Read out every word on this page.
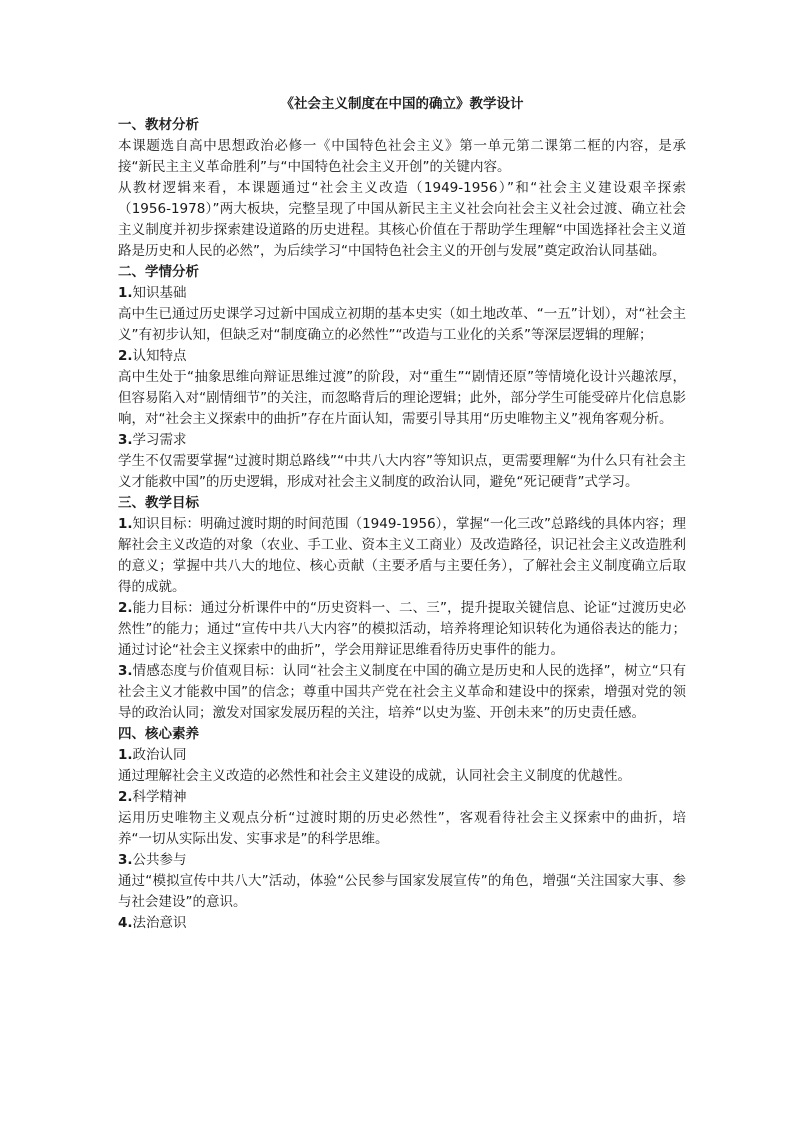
《社会主义制度在中国的确立》教学设计

一、教材分析

本课题选自高中思想政治必修一《中国特色社会主义》第一单元第二课第二框的内容，是承接“新民主主义革命胜利”与“中国特色社会主义开创”的关键内容。

从教材逻辑来看，本课题通过“社会主义改造（1949-1956）”和“社会主义建设艰辛探索（1956-1978）”两大板块，完整呈现了中国从新民主主义社会向社会主义社会过渡、确立社会主义制度并初步探索建设道路的历史进程。其核心价值在于帮助学生理解“中国选择社会主义道路是历史和人民的必然”，为后续学习“中国特色社会主义的开创与发展”奠定政治认同基础。

二、学情分析

1.知识基础

高中生已通过历史课学习过新中国成立初期的基本史实（如土地改革、“一五”计划），对“社会主义”有初步认知，但缺乏对“制度确立的必然性”“改造与工业化的关系”等深层逻辑的理解；

2.认知特点

高中生处于“抽象思维向辩证思维过渡”的阶段，对“重生”“剧情还原”等情境化设计兴趣浓厚，但容易陷入对“剧情细节”的关注，而忽略背后的理论逻辑；此外，部分学生可能受碎片化信息影响，对“社会主义探索中的曲折”存在片面认知，需要引导其用“历史唯物主义”视角客观分析。

3.学习需求

学生不仅需要掌握“过渡时期总路线”“中共八大内容”等知识点，更需要理解“为什么只有社会主义才能救中国”的历史逻辑，形成对社会主义制度的政治认同，避免“死记硬背”式学习。

三、教学目标

1.知识目标：明确过渡时期的时间范围（1949-1956），掌握“一化三改”总路线的具体内容；理解社会主义改造的对象（农业、手工业、资本主义工商业）及改造路径，识记社会主义改造胜利的意义；掌握中共八大的地位、核心贡献（主要矛盾与主要任务），了解社会主义制度确立后取得的成就。

2.能力目标：通过分析课件中的“历史资料一、二、三”，提升提取关键信息、论证“过渡历史必然性”的能力；通过“宣传中共八大内容”的模拟活动，培养将理论知识转化为通俗表达的能力；通过讨论“社会主义探索中的曲折”，学会用辩证思维看待历史事件的能力。

3.情感态度与价值观目标：认同“社会主义制度在中国的确立是历史和人民的选择”，树立“只有社会主义才能救中国”的信念；尊重中国共产党在社会主义革命和建设中的探索，增强对党的领导的政治认同；激发对国家发展历程的关注，培养“以史为鉴、开创未来”的历史责任感。

四、核心素养

1.政治认同

通过理解社会主义改造的必然性和社会主义建设的成就，认同社会主义制度的优越性。

2.科学精神

运用历史唯物主义观点分析“过渡时期的历史必然性”，客观看待社会主义探索中的曲折，培养“一切从实际出发、实事求是”的科学思维。

3.公共参与

通过“模拟宣传中共八大”活动，体验“公民参与国家发展宣传”的角色，增强“关注国家大事、参与社会建设”的意识。

4.法治意识
